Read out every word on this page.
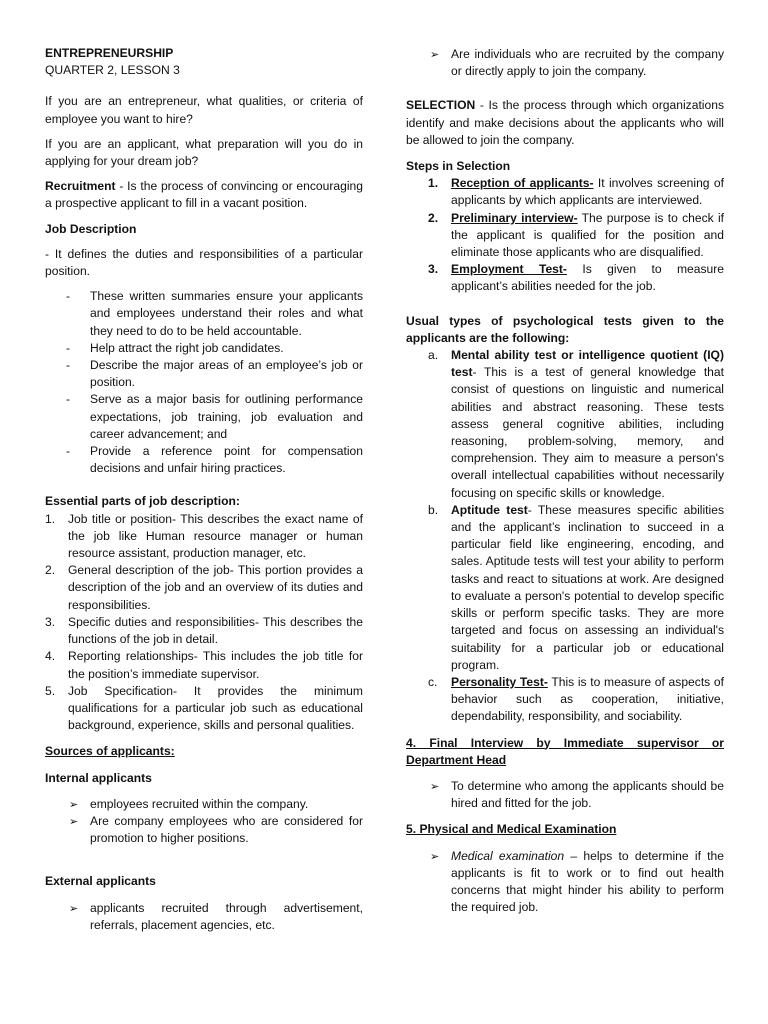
ENTREPRENEURSHIP

QUARTER 2, LESSON 3

If you are an entrepreneur, what qualities, or criteria of employee you want to hire?

If you are an applicant, what preparation will you do in applying for your dream job?

Recruitment - Is the process of convincing or encouraging a prospective applicant to fill in a vacant position.

Job Description

- It defines the duties and responsibilities of a particular position.

-	These written summaries ensure your applicants and employees understand their roles and what they need to do to be held accountable.
-	Help attract the right job candidates.
-	Describe the major areas of an employee’s job or position.
-	Serve as a major basis for outlining performance expectations, job training, job evaluation and career advancement; and
-	Provide a reference point for compensation decisions and unfair hiring practices.

Essential parts of job description:

1.	Job title or position- This describes the exact name of the job like Human resource manager or human resource assistant, production manager, etc.
2.	General description of the job- This portion provides a description of the job and an overview of its duties and responsibilities.
3.	Specific duties and responsibilities- This describes the functions of the job in detail.
4.	Reporting relationships- This includes the job title for the position’s immediate supervisor.
5.	Job Specification- It provides the minimum qualifications for a particular job such as educational background, experience, skills and personal qualities.

Sources of applicants:

Internal applicants

➢ employees recruited within the company.
➢ Are company employees who are considered for promotion to higher positions.

External applicants

➢ applicants recruited through advertisement, referrals, placement agencies, etc.
➢ Are individuals who are recruited by the company or directly apply to join the company.

SELECTION - Is the process through which organizations identify and make decisions about the applicants who will be allowed to join the company.

Steps in Selection

1.	Reception of applicants- It involves screening of applicants by which applicants are interviewed.
2.	Preliminary interview- The purpose is to check if the applicant is qualified for the position and eliminate those applicants who are disqualified.
3.	Employment Test- Is given to measure applicant’s abilities needed for the job.

Usual types of psychological tests given to the applicants are the following:

a.	Mental ability test or intelligence quotient (IQ) test- This is a test of general knowledge that consist of questions on linguistic and numerical abilities and abstract reasoning. These tests assess general cognitive abilities, including reasoning, problem-solving, memory, and comprehension. They aim to measure a person's overall intellectual capabilities without necessarily focusing on specific skills or knowledge.
b.	Aptitude test- These measures specific abilities and the applicant’s inclination to succeed in a particular field like engineering, encoding, and sales. Aptitude tests will test your ability to perform tasks and react to situations at work. Are designed to evaluate a person's potential to develop specific skills or perform specific tasks. They are more targeted and focus on assessing an individual's suitability for a particular job or educational program.
c.	Personality Test- This is to measure of aspects of behavior such as cooperation, initiative, dependability, responsibility, and sociability.

4. Final Interview by Immediate supervisor or Department Head

➢ To determine who among the applicants should be hired and fitted for the job.

5. Physical and Medical Examination

➢ Medical examination – helps to determine if the applicants is fit to work or to find out health concerns that might hinder his ability to perform the required job.
